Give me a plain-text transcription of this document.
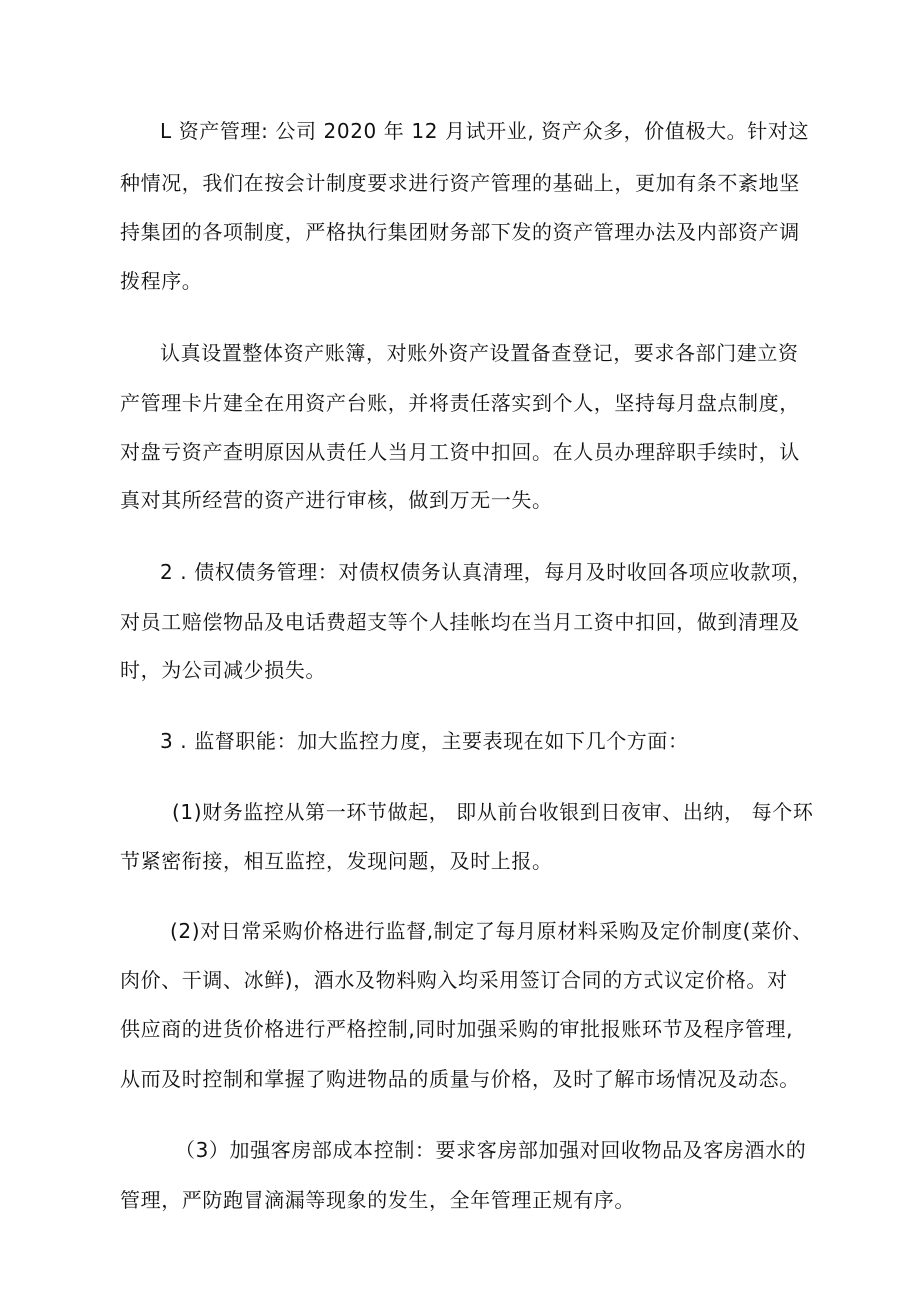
L 资产管理: 公司 2020 年 12 月试开业, 资产众多，价值极大。针对这
种情况，我们在按会计制度要求进行资产管理的基础上，更加有条不紊地坚
持集团的各项制度，严格执行集团财务部下发的资产管理办法及内部资产调
拨程序。
认真设置整体资产账簿，对账外资产设置备查登记，要求各部门建立资
产管理卡片建全在用资产台账，并将责任落实到个人，坚持每月盘点制度，
对盘亏资产查明原因从责任人当月工资中扣回。在人员办理辞职手续时，认
真对其所经营的资产进行审核，做到万无一失。
2 . 债权债务管理：对债权债务认真清理，每月及时收回各项应收款项，
对员工赔偿物品及电话费超支等个人挂帐均在当月工资中扣回，做到清理及
时，为公司减少损失。
3 . 监督职能：加大监控力度，主要表现在如下几个方面：
(1)财务监控从第一环节做起， 即从前台收银到日夜审、出纳， 每个环
节紧密衔接，相互监控，发现问题，及时上报。
(2)对日常采购价格进行监督,制定了每月原材料采购及定价制度(菜价、
肉价、干调、冰鲜)，酒水及物料购入均采用签订合同的方式议定价格。对
供应商的进货价格进行严格控制,同时加强采购的审批报账环节及程序管理,
从而及时控制和掌握了购进物品的质量与价格，及时了解市场情况及动态。
（3）加强客房部成本控制：要求客房部加强对回收物品及客房酒水的
管理，严防跑冒滴漏等现象的发生，全年管理正规有序。
